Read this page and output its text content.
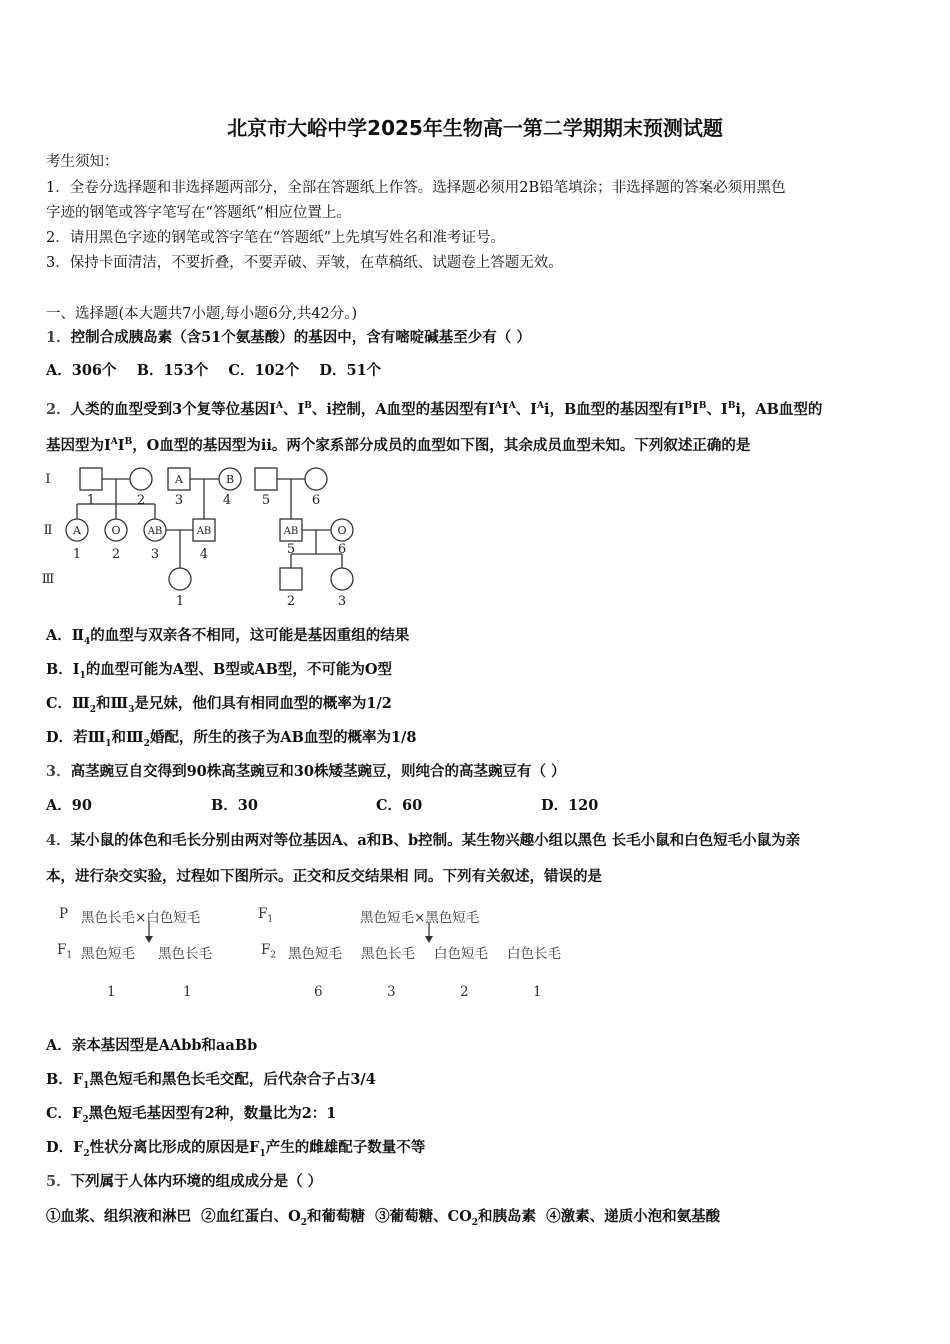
北京市大峪中学2025年生物高一第二学期期末预测试题
考生须知：
1．全卷分选择题和非选择题两部分，全部在答题纸上作答。选择题必须用2B铅笔填涂；非选择题的答案必须用黑色
字迹的钢笔或答字笔写在“答题纸”相应位置上。
2．请用黑色字迹的钢笔或答字笔在“答题纸”上先填写姓名和准考证号。
3．保持卡面清洁，不要折叠，不要弄破、弄皱，在草稿纸、试题卷上答题无效。
一、选择题(本大题共7小题,每小题6分,共42分。)
1．控制合成胰岛素（含51个氨基酸）的基因中，含有嘧啶碱基至少有（ ）
A．306个    B．153个    C．102个    D．51个
2．人类的血型受到3个复等位基因$I^A$、$I^B$、i控制，A血型的基因型有$I^AI^A$、$I^Ai$，B血型的基因型有$I^BI^B$、$I^Bi$，AB血型的
基因型为$I^AI^B$，O血型的基因型为ii。两个家系部分成员的血型如下图，其余成员血型未知。下列叙述正确的是
Ⅰ
Ⅱ
Ⅲ
A	B
A	O	AB	AB	AB	O
1	2 3	4 5	6
1 2 3	4	5	6
1	2	3
A．$Ⅱ_4$的血型与双亲各不相同，这可能是基因重组的结果
B．$I_1$的血型可能为A型、B型或AB型，不可能为O型
C．$Ⅲ_2$和$Ⅲ_3$是兄妹，他们具有相同血型的概率为1/2
D．若$Ⅲ_1$和$Ⅲ_2$婚配，所生的孩子为AB血型的概率为1/8
3．高茎豌豆自交得到90株高茎豌豆和30株矮茎豌豆，则纯合的高茎豌豆有（ ）
A．90	B．30	C．60	D．120
4．某小鼠的体色和毛长分别由两对等位基因A、a和B、b控制。某生物兴趣小组以黑色 长毛小鼠和白色短毛小鼠为亲
本，进行杂交实验，过程如下图所示。正交和反交结果相 同。下列有关叙述，错误的是
P 黑色长毛×白色短毛	$F_1$	黑色短毛×黑色短毛
$F_1$ 黑色短毛 黑色长毛	$F_2$ 黑色短毛 黑色长毛 白色短毛 白色长毛
1	1	6	3	2	1
A．亲本基因型是AAbb和aaBb
B．$F_1$黑色短毛和黑色长毛交配，后代杂合子占3/4
C．$F_2$黑色短毛基因型有2种，数量比为2：1
D．$F_2$性状分离比形成的原因是$F_1$产生的雌雄配子数量不等
5．下列属于人体内环境的组成成分是（ ）
①血浆、组织液和淋巴  ②血红蛋白、$O_2$和葡萄糖  ③葡萄糖、$CO_2$和胰岛素  ④激素、递质小泡和氨基酸
